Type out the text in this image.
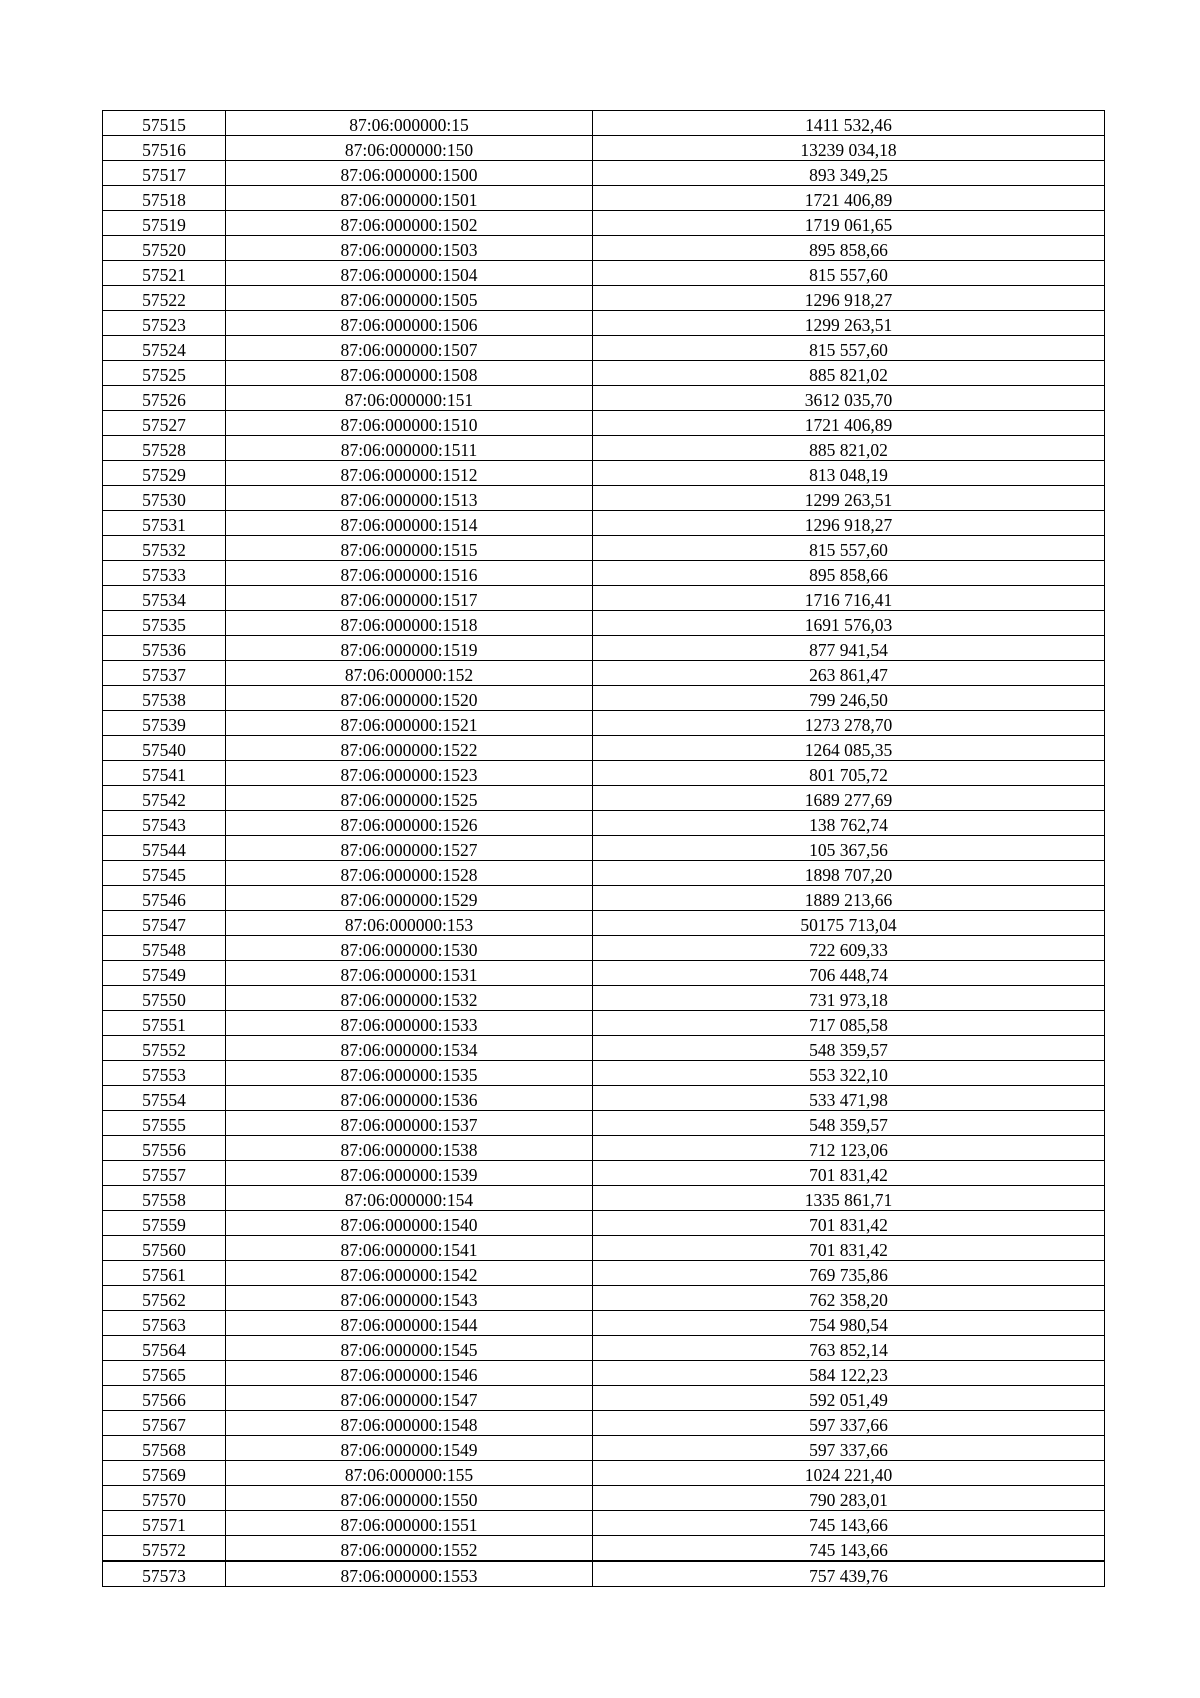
57515	87:06:000000:15	1411 532,46
57516	87:06:000000:150	13239 034,18
57517	87:06:000000:1500	893 349,25
57518	87:06:000000:1501	1721 406,89
57519	87:06:000000:1502	1719 061,65
57520	87:06:000000:1503	895 858,66
57521	87:06:000000:1504	815 557,60
57522	87:06:000000:1505	1296 918,27
57523	87:06:000000:1506	1299 263,51
57524	87:06:000000:1507	815 557,60
57525	87:06:000000:1508	885 821,02
57526	87:06:000000:151	3612 035,70
57527	87:06:000000:1510	1721 406,89
57528	87:06:000000:1511	885 821,02
57529	87:06:000000:1512	813 048,19
57530	87:06:000000:1513	1299 263,51
57531	87:06:000000:1514	1296 918,27
57532	87:06:000000:1515	815 557,60
57533	87:06:000000:1516	895 858,66
57534	87:06:000000:1517	1716 716,41
57535	87:06:000000:1518	1691 576,03
57536	87:06:000000:1519	877 941,54
57537	87:06:000000:152	263 861,47
57538	87:06:000000:1520	799 246,50
57539	87:06:000000:1521	1273 278,70
57540	87:06:000000:1522	1264 085,35
57541	87:06:000000:1523	801 705,72
57542	87:06:000000:1525	1689 277,69
57543	87:06:000000:1526	138 762,74
57544	87:06:000000:1527	105 367,56
57545	87:06:000000:1528	1898 707,20
57546	87:06:000000:1529	1889 213,66
57547	87:06:000000:153	50175 713,04
57548	87:06:000000:1530	722 609,33
57549	87:06:000000:1531	706 448,74
57550	87:06:000000:1532	731 973,18
57551	87:06:000000:1533	717 085,58
57552	87:06:000000:1534	548 359,57
57553	87:06:000000:1535	553 322,10
57554	87:06:000000:1536	533 471,98
57555	87:06:000000:1537	548 359,57
57556	87:06:000000:1538	712 123,06
57557	87:06:000000:1539	701 831,42
57558	87:06:000000:154	1335 861,71
57559	87:06:000000:1540	701 831,42
57560	87:06:000000:1541	701 831,42
57561	87:06:000000:1542	769 735,86
57562	87:06:000000:1543	762 358,20
57563	87:06:000000:1544	754 980,54
57564	87:06:000000:1545	763 852,14
57565	87:06:000000:1546	584 122,23
57566	87:06:000000:1547	592 051,49
57567	87:06:000000:1548	597 337,66
57568	87:06:000000:1549	597 337,66
57569	87:06:000000:155	1024 221,40
57570	87:06:000000:1550	790 283,01
57571	87:06:000000:1551	745 143,66
57572	87:06:000000:1552	745 143,66
57573	87:06:000000:1553	757 439,76
